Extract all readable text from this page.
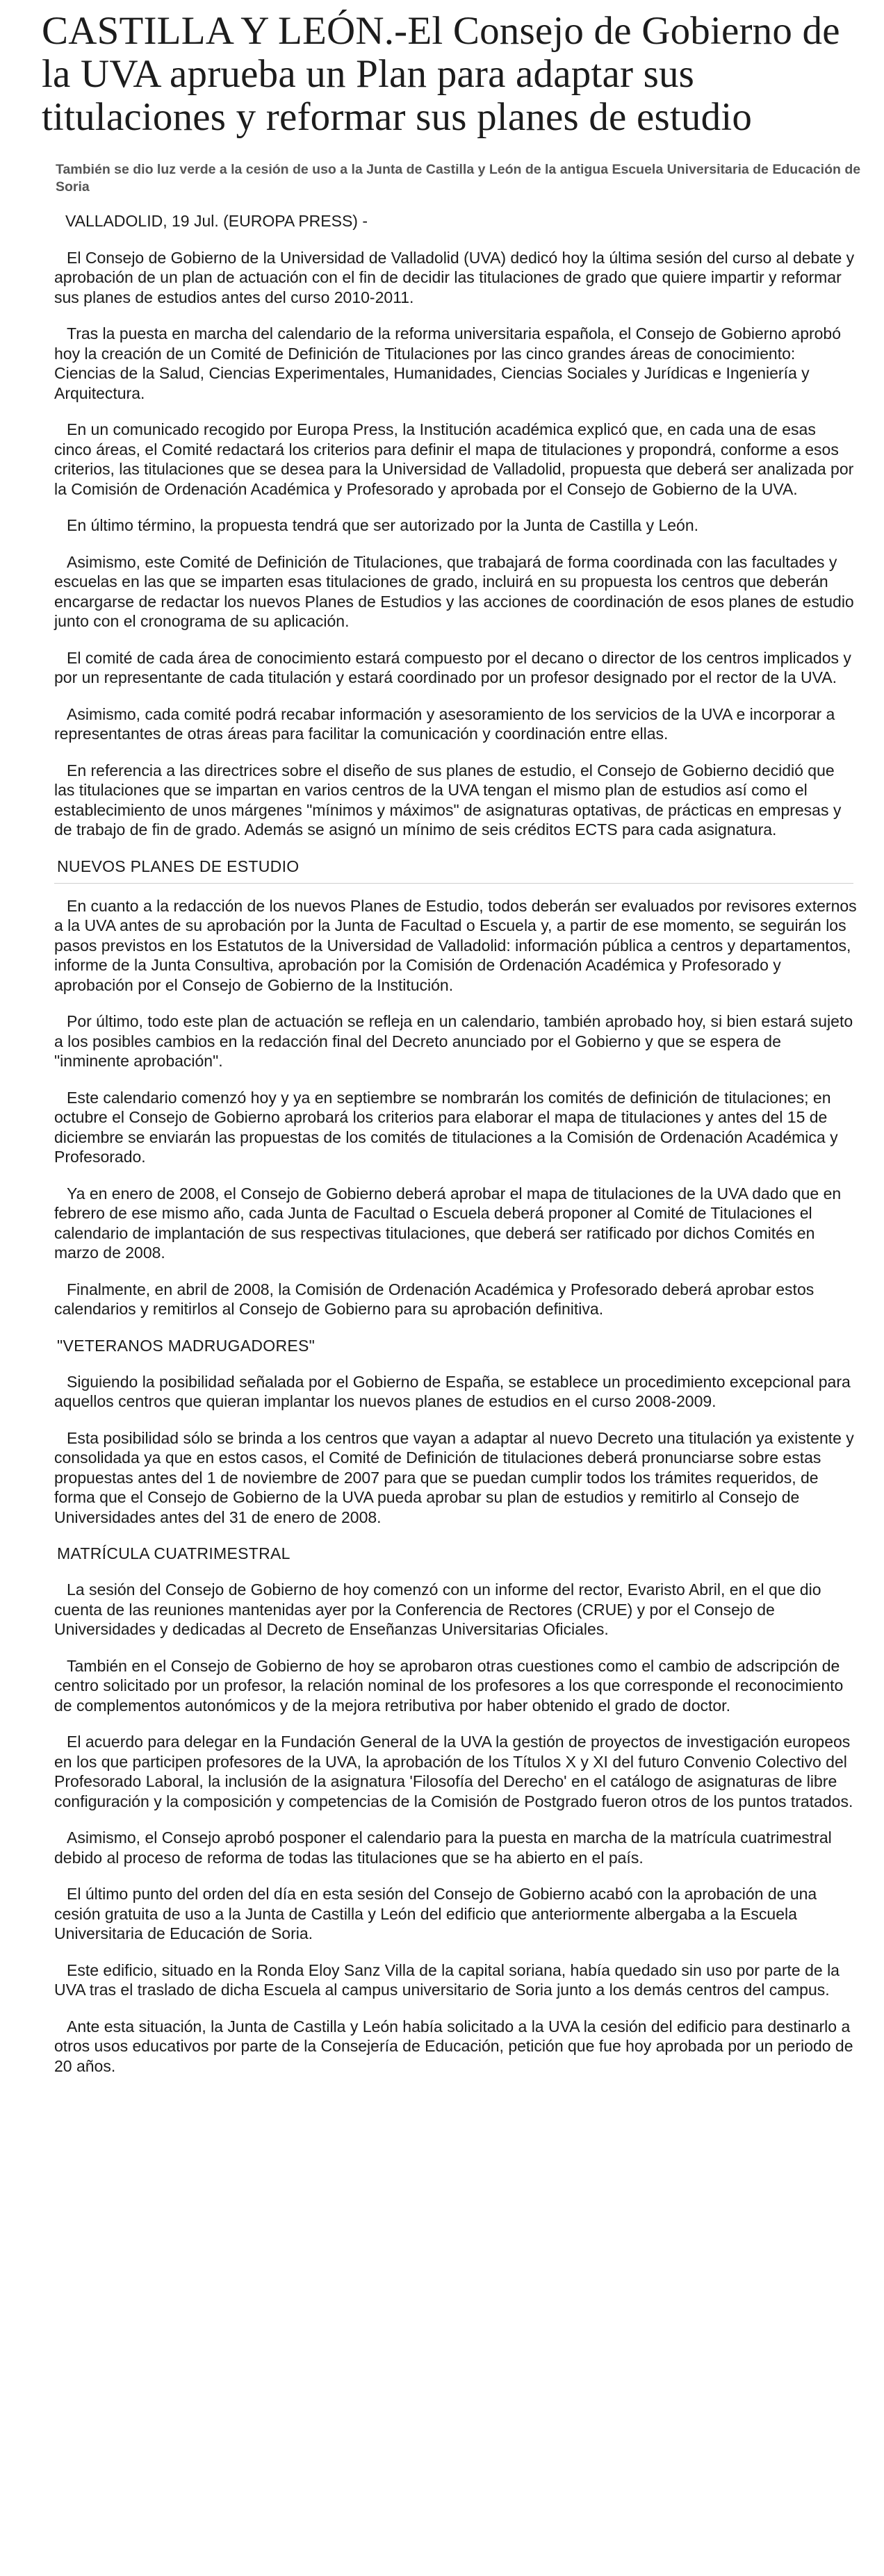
CASTILLA Y LEÓN.-El Consejo de Gobierno de la UVA aprueba un Plan para adaptar sus titulaciones y reformar sus planes de estudio
También se dio luz verde a la cesión de uso a la Junta de Castilla y León de la antigua Escuela Universitaria de Educación de Soria

VALLADOLID, 19 Jul. (EUROPA PRESS) -

El Consejo de Gobierno de la Universidad de Valladolid (UVA) dedicó hoy la última sesión del curso al debate y aprobación de un plan de actuación con el fin de decidir las titulaciones de grado que quiere impartir y reformar sus planes de estudios antes del curso 2010-2011.

Tras la puesta en marcha del calendario de la reforma universitaria española, el Consejo de Gobierno aprobó hoy la creación de un Comité de Definición de Titulaciones por las cinco grandes áreas de conocimiento: Ciencias de la Salud, Ciencias Experimentales, Humanidades, Ciencias Sociales y Jurídicas e Ingeniería y Arquitectura.

En un comunicado recogido por Europa Press, la Institución académica explicó que, en cada una de esas cinco áreas, el Comité redactará los criterios para definir el mapa de titulaciones y propondrá, conforme a esos criterios, las titulaciones que se desea para la Universidad de Valladolid, propuesta que deberá ser analizada por la Comisión de Ordenación Académica y Profesorado y aprobada por el Consejo de Gobierno de la UVA.

En último término, la propuesta tendrá que ser autorizado por la Junta de Castilla y León.

Asimismo, este Comité de Definición de Titulaciones, que trabajará de forma coordinada con las facultades y escuelas en las que se imparten esas titulaciones de grado, incluirá en su propuesta los centros que deberán encargarse de redactar los nuevos Planes de Estudios y las acciones de coordinación de esos planes de estudio junto con el cronograma de su aplicación.

El comité de cada área de conocimiento estará compuesto por el decano o director de los centros implicados y por un representante de cada titulación y estará coordinado por un profesor designado por el rector de la UVA.

Asimismo, cada comité podrá recabar información y asesoramiento de los servicios de la UVA e incorporar a representantes de otras áreas para facilitar la comunicación y coordinación entre ellas.

En referencia a las directrices sobre el diseño de sus planes de estudio, el Consejo de Gobierno decidió que las titulaciones que se impartan en varios centros de la UVA tengan el mismo plan de estudios así como el establecimiento de unos márgenes "mínimos y máximos" de asignaturas optativas, de prácticas en empresas y de trabajo de fin de grado. Además se asignó un mínimo de seis créditos ECTS para cada asignatura.

NUEVOS PLANES DE ESTUDIO

En cuanto a la redacción de los nuevos Planes de Estudio, todos deberán ser evaluados por revisores externos a la UVA antes de su aprobación por la Junta de Facultad o Escuela y, a partir de ese momento, se seguirán los pasos previstos en los Estatutos de la Universidad de Valladolid: información pública a centros y departamentos, informe de la Junta Consultiva, aprobación por la Comisión de Ordenación Académica y Profesorado y aprobación por el Consejo de Gobierno de la Institución.

Por último, todo este plan de actuación se refleja en un calendario, también aprobado hoy, si bien estará sujeto a los posibles cambios en la redacción final del Decreto anunciado por el Gobierno y que se espera de "inminente aprobación".

Este calendario comenzó hoy y ya en septiembre se nombrarán los comités de definición de titulaciones; en octubre el Consejo de Gobierno aprobará los criterios para elaborar el mapa de titulaciones y antes del 15 de diciembre se enviarán las propuestas de los comités de titulaciones a la Comisión de Ordenación Académica y Profesorado.

Ya en enero de 2008, el Consejo de Gobierno deberá aprobar el mapa de titulaciones de la UVA dado que en febrero de ese mismo año, cada Junta de Facultad o Escuela deberá proponer al Comité de Titulaciones el calendario de implantación de sus respectivas titulaciones, que deberá ser ratificado por dichos Comités en marzo de 2008.

Finalmente, en abril de 2008, la Comisión de Ordenación Académica y Profesorado deberá aprobar estos calendarios y remitirlos al Consejo de Gobierno para su aprobación definitiva.

"VETERANOS MADRUGADORES"

Siguiendo la posibilidad señalada por el Gobierno de España, se establece un procedimiento excepcional para aquellos centros que quieran implantar los nuevos planes de estudios en el curso 2008-2009.

Esta posibilidad sólo se brinda a los centros que vayan a adaptar al nuevo Decreto una titulación ya existente y consolidada ya que en estos casos, el Comité de Definición de titulaciones deberá pronunciarse sobre estas propuestas antes del 1 de noviembre de 2007 para que se puedan cumplir todos los trámites requeridos, de forma que el Consejo de Gobierno de la UVA pueda aprobar su plan de estudios y remitirlo al Consejo de Universidades antes del 31 de enero de 2008.

MATRÍCULA CUATRIMESTRAL

La sesión del Consejo de Gobierno de hoy comenzó con un informe del rector, Evaristo Abril, en el que dio cuenta de las reuniones mantenidas ayer por la Conferencia de Rectores (CRUE) y por el Consejo de Universidades y dedicadas al Decreto de Enseñanzas Universitarias Oficiales.

También en el Consejo de Gobierno de hoy se aprobaron otras cuestiones como el cambio de adscripción de centro solicitado por un profesor, la relación nominal de los profesores a los que corresponde el reconocimiento de complementos autonómicos y de la mejora retributiva por haber obtenido el grado de doctor.

El acuerdo para delegar en la Fundación General de la UVA la gestión de proyectos de investigación europeos en los que participen profesores de la UVA, la aprobación de los Títulos X y XI del futuro Convenio Colectivo del Profesorado Laboral, la inclusión de la asignatura 'Filosofía del Derecho' en el catálogo de asignaturas de libre configuración y la composición y competencias de la Comisión de Postgrado fueron otros de los puntos tratados.

Asimismo, el Consejo aprobó posponer el calendario para la puesta en marcha de la matrícula cuatrimestral debido al proceso de reforma de todas las titulaciones que se ha abierto en el país.

El último punto del orden del día en esta sesión del Consejo de Gobierno acabó con la aprobación de una cesión gratuita de uso a la Junta de Castilla y León del edificio que anteriormente albergaba a la Escuela Universitaria de Educación de Soria.

Este edificio, situado en la Ronda Eloy Sanz Villa de la capital soriana, había quedado sin uso por parte de la UVA tras el traslado de dicha Escuela al campus universitario de Soria junto a los demás centros del campus.

Ante esta situación, la Junta de Castilla y León había solicitado a la UVA la cesión del edificio para destinarlo a otros usos educativos por parte de la Consejería de Educación, petición que fue hoy aprobada por un periodo de 20 años.
